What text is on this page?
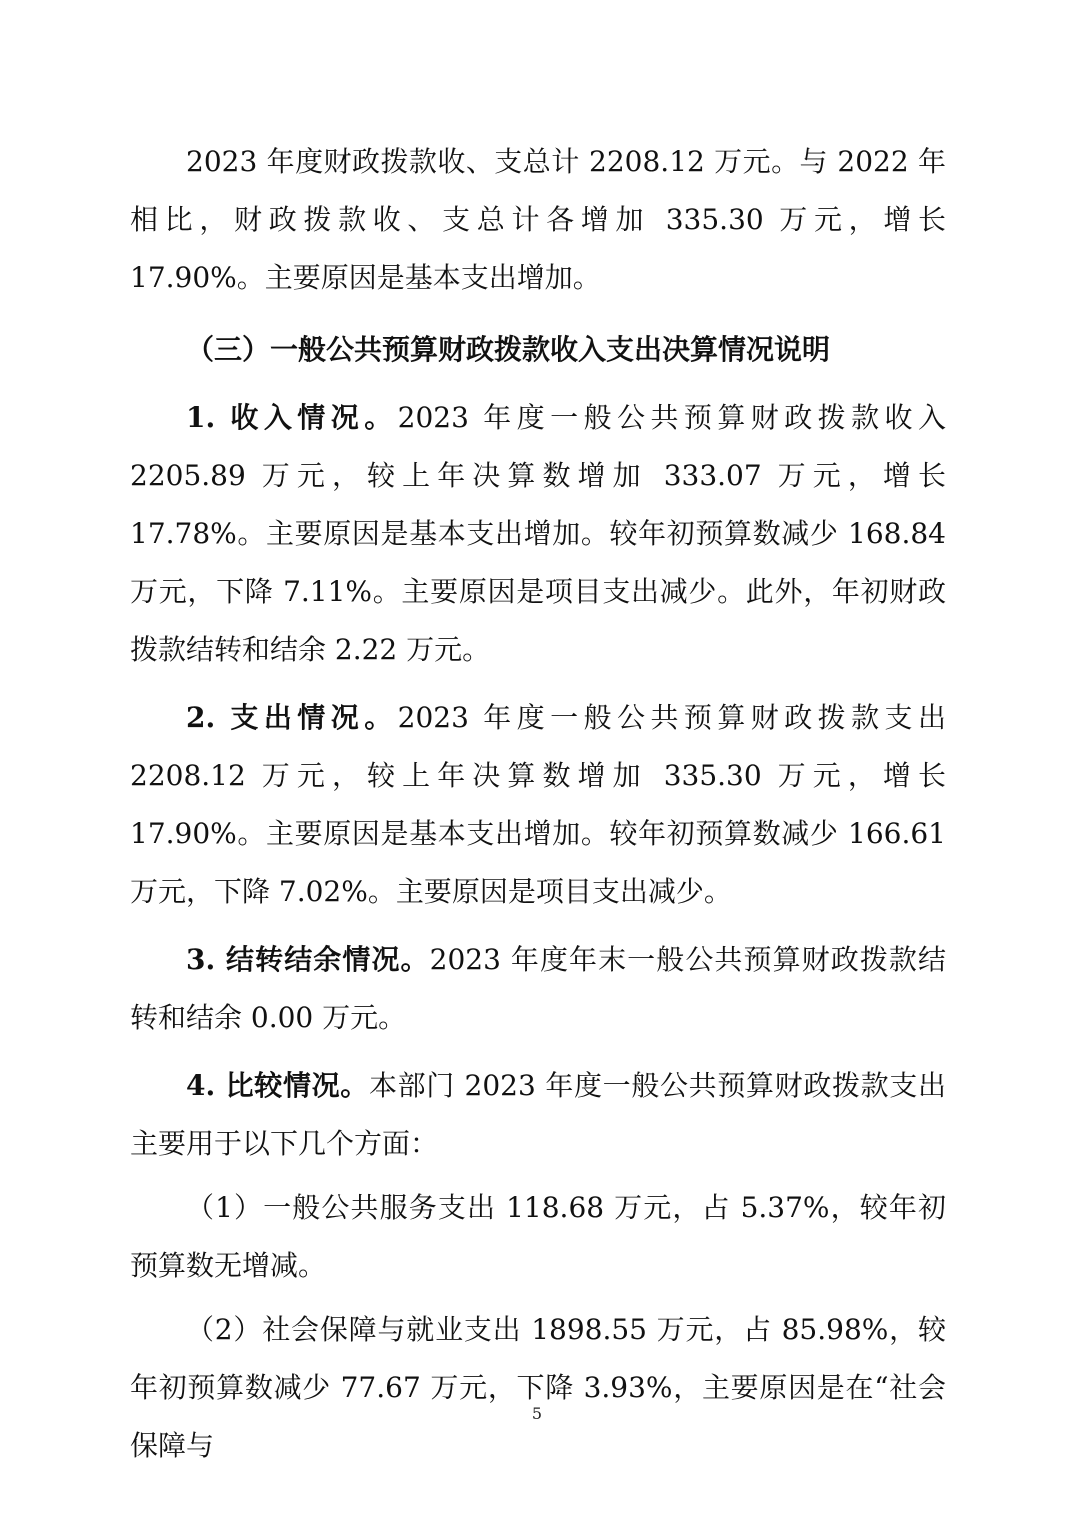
2023 年度财政拨款收、支总计 2208.12 万元。与 2022 年相比，财政拨款收、支总计各增加 335.30 万元，增长 17.90%。主要原因是基本支出增加。

（三）一般公共预算财政拨款收入支出决算情况说明

1. 收入情况。2023 年度一般公共预算财政拨款收入 2205.89 万元，较上年决算数增加 333.07 万元，增长 17.78%。主要原因是基本支出增加。较年初预算数减少 168.84 万元，下降 7.11%。主要原因是项目支出减少。此外，年初财政拨款结转和结余 2.22 万元。

2. 支出情况。2023 年度一般公共预算财政拨款支出 2208.12 万元，较上年决算数增加 335.30 万元，增长 17.90%。主要原因是基本支出增加。较年初预算数减少 166.61 万元，下降 7.02%。主要原因是项目支出减少。

3. 结转结余情况。2023 年度年末一般公共预算财政拨款结转和结余 0.00 万元。

4. 比较情况。本部门 2023 年度一般公共预算财政拨款支出主要用于以下几个方面：

（1）一般公共服务支出 118.68 万元，占 5.37%，较年初预算数无增减。

（2）社会保障与就业支出 1898.55 万元，占 85.98%，较年初预算数减少 77.67 万元，下降 3.93%，主要原因是在“社会保障与

5
